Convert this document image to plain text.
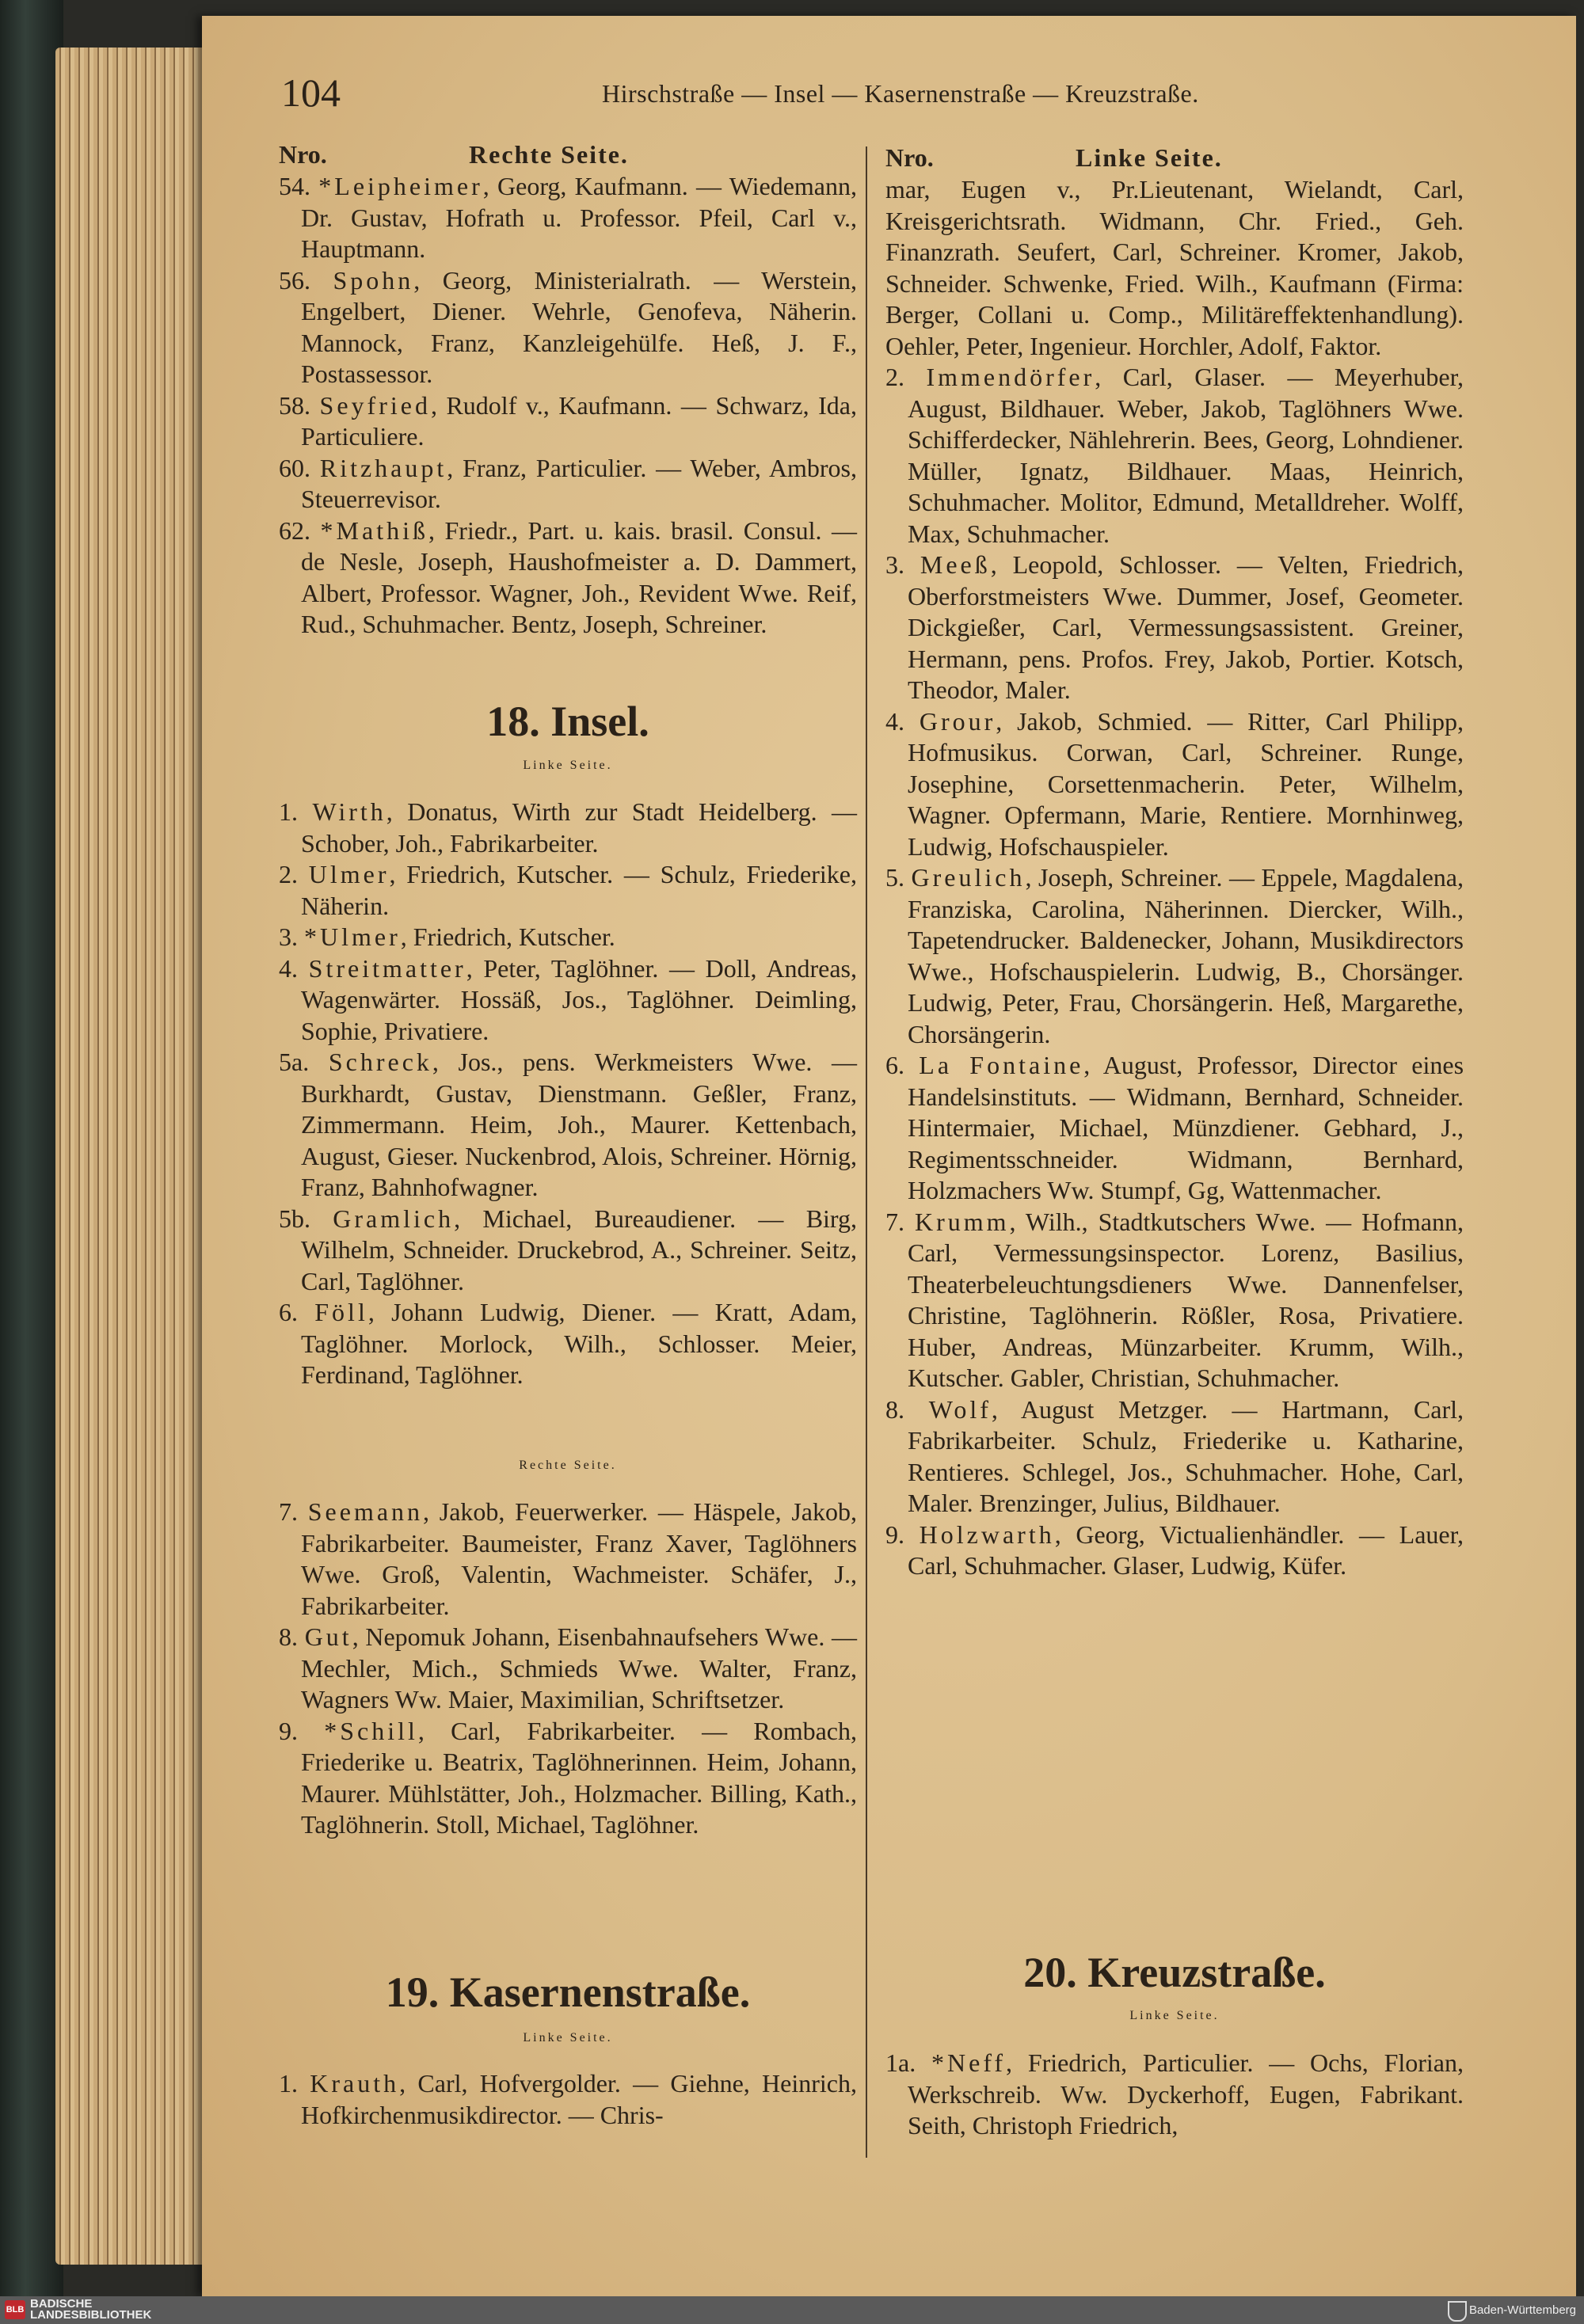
104	Hirschstraße — Insel — Kasernenstraße — Kreuzstraße.
Nro.	Rechte Seite.
54. *Leipheimer, Georg, Kaufmann. — Wiedemann, Dr. Gustav, Hofrath u. Professor. Pfeil, Carl v., Hauptmann.
56. Spohn, Georg, Ministerialrath. — Werstein, Engelbert, Diener. Wehrle, Genofeva, Näherin. Mannock, Franz, Kanzleigehülfe. Heß, J. F., Postassessor.
58. Seyfried, Rudolf v., Kaufmann. — Schwarz, Ida, Particuliere.
60. Ritzhaupt, Franz, Particulier. — Weber, Ambros, Steuerrevisor.
62. *Mathiß, Friedr., Part. u. kais. brasil. Consul. — de Nesle, Joseph, Haushofmeister a. D. Dammert, Albert, Professor. Wagner, Joh., Revident Wwe. Reif, Rud., Schuhmacher. Bentz, Joseph, Schreiner.
18. Insel.
Linke Seite.
1. Wirth, Donatus, Wirth zur Stadt Heidelberg. — Schober, Joh., Fabrikarbeiter.
2. Ulmer, Friedrich, Kutscher. — Schulz, Friederike, Näherin.
3. *Ulmer, Friedrich, Kutscher.
4. Streitmatter, Peter, Taglöhner. — Doll, Andreas, Wagenwärter. Hossäß, Jos., Taglöhner. Deimling, Sophie, Privatiere.
5a. Schreck, Jos., pens. Werkmeisters Wwe. — Burkhardt, Gustav, Dienstmann. Geßler, Franz, Zimmermann. Heim, Joh., Maurer. Kettenbach, August, Gieser. Nuckenbrod, Alois, Schreiner. Hörnig, Franz, Bahnhofwagner.
5b. Gramlich, Michael, Bureaudiener. — Birg, Wilhelm, Schneider. Druckebrod, A., Schreiner. Seitz, Carl, Taglöhner.
6. Föll, Johann Ludwig, Diener. — Kratt, Adam, Taglöhner. Morlock, Wilh., Schlosser. Meier, Ferdinand, Taglöhner.
Rechte Seite.
7. Seemann, Jakob, Feuerwerker. — Häspele, Jakob, Fabrikarbeiter. Baumeister, Franz Xaver, Taglöhners Wwe. Groß, Valentin, Wachmeister. Schäfer, J., Fabrikarbeiter.
8. Gut, Nepomuk Johann, Eisenbahnaufsehers Wwe. — Mechler, Mich., Schmieds Wwe. Walter, Franz, Wagners Ww. Maier, Maximilian, Schriftsetzer.
9. *Schill, Carl, Fabrikarbeiter. — Rombach, Friederike u. Beatrix, Taglöhnerinnen. Heim, Johann, Maurer. Mühlstätter, Joh., Holzmacher. Billing, Kath., Taglöhnerin. Stoll, Michael, Taglöhner.
19. Kasernenstraße.
Linke Seite.
1. Krauth, Carl, Hofvergolder. — Giehne, Heinrich, Hofkirchenmusikdirector. — Chris-
Nro.	Linke Seite.
mar, Eugen v., Pr.Lieutenant, Wielandt, Carl, Kreisgerichtsrath. Widmann, Chr. Fried., Geh. Finanzrath. Seufert, Carl, Schreiner. Kromer, Jakob, Schneider. Schwenke, Fried. Wilh., Kaufmann (Firma: Berger, Collani u. Comp., Militäreffektenhandlung). Oehler, Peter, Ingenieur. Horchler, Adolf, Faktor.
2. Immendörfer, Carl, Glaser. — Meyerhuber, August, Bildhauer. Weber, Jakob, Taglöhners Wwe. Schifferdecker, Nählehrerin. Bees, Georg, Lohndiener. Müller, Ignatz, Bildhauer. Maas, Heinrich, Schuhmacher. Molitor, Edmund, Metalldreher. Wolff, Max, Schuhmacher.
3. Meeß, Leopold, Schlosser. — Velten, Friedrich, Oberforstmeisters Wwe. Dummer, Josef, Geometer. Dickgießer, Carl, Vermessungsassistent. Greiner, Hermann, pens. Profos. Frey, Jakob, Portier. Kotsch, Theodor, Maler.
4. Grour, Jakob, Schmied. — Ritter, Carl Philipp, Hofmusikus. Corwan, Carl, Schreiner. Runge, Josephine, Corsettenmacherin. Peter, Wilhelm, Wagner. Opfermann, Marie, Rentiere. Mornhinweg, Ludwig, Hofschauspieler.
5. Greulich, Joseph, Schreiner. — Eppele, Magdalena, Franziska, Carolina, Näherinnen. Diercker, Wilh., Tapetendrucker. Baldenecker, Johann, Musikdirectors Wwe., Hofschauspielerin. Ludwig, B., Chorsänger. Ludwig, Peter, Frau, Chorsängerin. Heß, Margarethe, Chorsängerin.
6. La Fontaine, August, Professor, Director eines Handelsinstituts. — Widmann, Bernhard, Schneider. Hintermaier, Michael, Münzdiener. Gebhard, J., Regimentsschneider. Widmann, Bernhard, Holzmachers Ww. Stumpf, Gg, Wattenmacher.
7. Krumm, Wilh., Stadtkutschers Wwe. — Hofmann, Carl, Vermessungsinspector. Lorenz, Basilius, Theaterbeleuchtungsdieners Wwe. Dannenfelser, Christine, Taglöhnerin. Rößler, Rosa, Privatiere. Huber, Andreas, Münzarbeiter. Krumm, Wilh., Kutscher. Gabler, Christian, Schuhmacher.
8. Wolf, August Metzger. — Hartmann, Carl, Fabrikarbeiter. Schulz, Friederike u. Katharine, Rentieres. Schlegel, Jos., Schuhmacher. Hohe, Carl, Maler. Brenzinger, Julius, Bildhauer.
9. Holzwarth, Georg, Victualienhändler. — Lauer, Carl, Schuhmacher. Glaser, Ludwig, Küfer.
20. Kreuzstraße.
Linke Seite.
1a. *Neff, Friedrich, Particulier. — Ochs, Florian, Werkschreib. Ww. Dyckerhoff, Eugen, Fabrikant. Seith, Christoph Friedrich,
BLB BADISCHE
LANDESBIBLIOTHEK	Baden-Württemberg
